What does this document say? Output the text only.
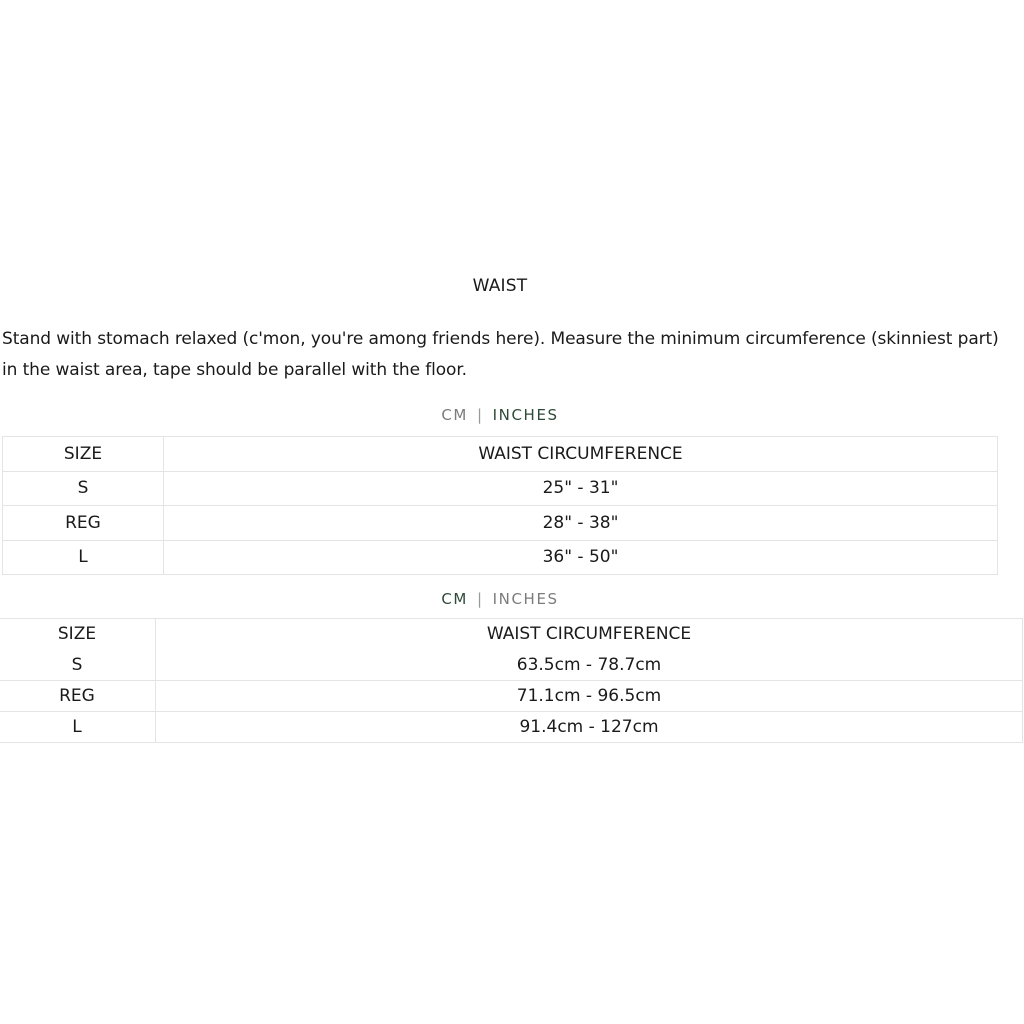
WAIST
Stand with stomach relaxed (c'mon, you're among friends here). Measure the minimum circumference (skinniest part) in the waist area, tape should be parallel with the floor.
CM | INCHES
SIZE	WAIST CIRCUMFERENCE
S	25" - 31"
REG	28" - 38"
L	36" - 50"
CM | INCHES
SIZE	WAIST CIRCUMFERENCE
S	63.5cm - 78.7cm
REG	71.1cm - 96.5cm
L	91.4cm - 127cm
